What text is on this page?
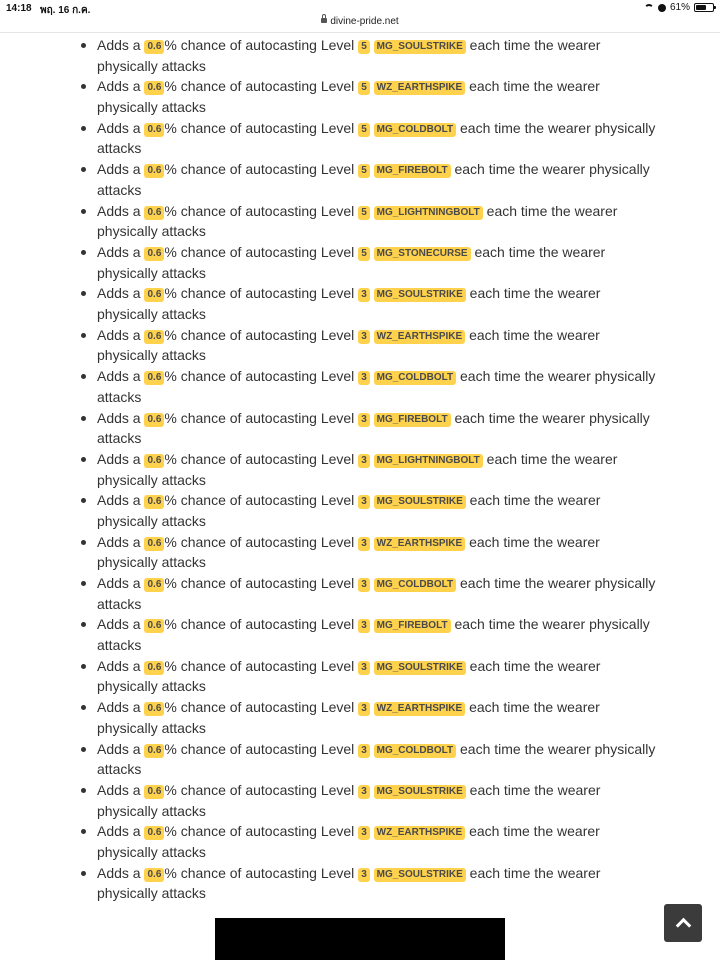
14:18 พฤ. 16 ก.ค.	61%
divine-pride.net
Adds a 0.6 % chance of autocasting Level 5 MG_SOULSTRIKE each time the wearer physically attacks
Adds a 0.6 % chance of autocasting Level 5 WZ_EARTHSPIKE each time the wearer physically attacks
Adds a 0.6 % chance of autocasting Level 5 MG_COLDBOLT each time the wearer physically attacks
Adds a 0.6 % chance of autocasting Level 5 MG_FIREBOLT each time the wearer physically attacks
Adds a 0.6 % chance of autocasting Level 5 MG_LIGHTNINGBOLT each time the wearer physically attacks
Adds a 0.6 % chance of autocasting Level 5 MG_STONECURSE each time the wearer physically attacks
Adds a 0.6 % chance of autocasting Level 3 MG_SOULSTRIKE each time the wearer physically attacks
Adds a 0.6 % chance of autocasting Level 3 WZ_EARTHSPIKE each time the wearer physically attacks
Adds a 0.6 % chance of autocasting Level 3 MG_COLDBOLT each time the wearer physically attacks
Adds a 0.6 % chance of autocasting Level 3 MG_FIREBOLT each time the wearer physically attacks
Adds a 0.6 % chance of autocasting Level 3 MG_LIGHTNINGBOLT each time the wearer physically attacks
Adds a 0.6 % chance of autocasting Level 3 MG_SOULSTRIKE each time the wearer physically attacks
Adds a 0.6 % chance of autocasting Level 3 WZ_EARTHSPIKE each time the wearer physically attacks
Adds a 0.6 % chance of autocasting Level 3 MG_COLDBOLT each time the wearer physically attacks
Adds a 0.6 % chance of autocasting Level 3 MG_FIREBOLT each time the wearer physically attacks
Adds a 0.6 % chance of autocasting Level 3 MG_SOULSTRIKE each time the wearer physically attacks
Adds a 0.6 % chance of autocasting Level 3 WZ_EARTHSPIKE each time the wearer physically attacks
Adds a 0.6 % chance of autocasting Level 3 MG_COLDBOLT each time the wearer physically attacks
Adds a 0.6 % chance of autocasting Level 3 MG_SOULSTRIKE each time the wearer physically attacks
Adds a 0.6 % chance of autocasting Level 3 WZ_EARTHSPIKE each time the wearer physically attacks
Adds a 0.6 % chance of autocasting Level 3 MG_SOULSTRIKE each time the wearer physically attacks
